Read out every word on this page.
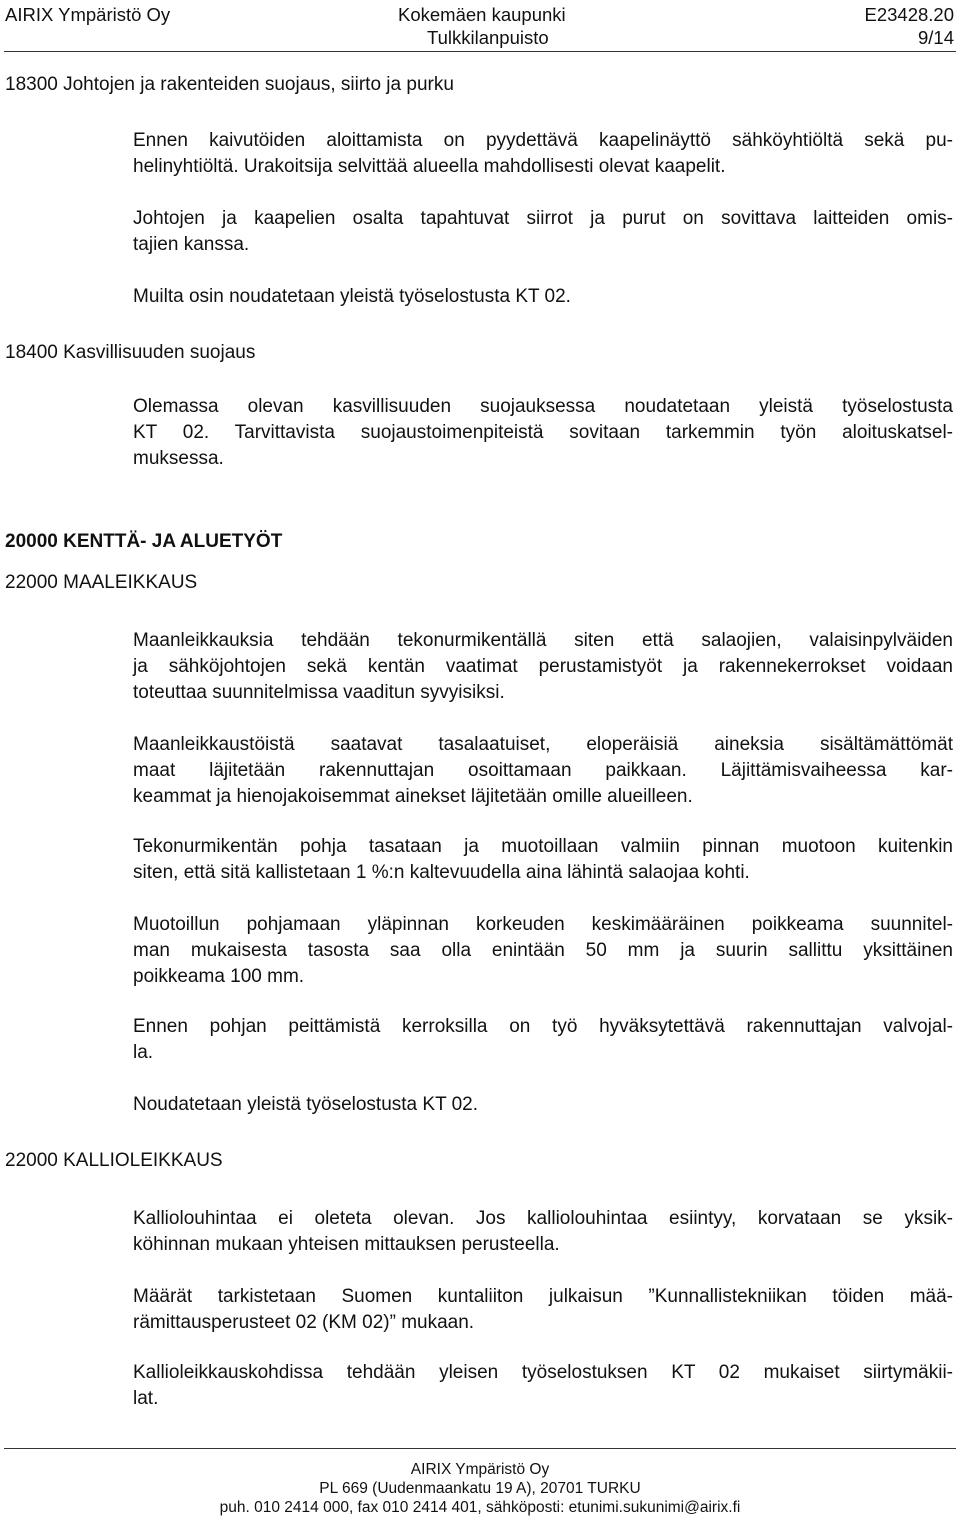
AIRIX Ympäristö Oy	Kokemäen kaupunki
Tulkkilanpuisto
E23428.20
9/14
18300 Johtojen ja rakenteiden suojaus, siirto ja purku
Ennen kaivutöiden aloittamista on pyydettävä kaapelinäyttö sähköyhtiöltä sekä pu-
helinyhtiöltä. Urakoitsija selvittää alueella mahdollisesti olevat kaapelit.
Johtojen ja kaapelien osalta tapahtuvat siirrot ja purut on sovittava laitteiden omis-
tajien kanssa.
Muilta osin noudatetaan yleistä työselostusta KT 02.
18400 Kasvillisuuden suojaus
Olemassa olevan kasvillisuuden suojauksessa noudatetaan yleistä työselostusta
KT 02. Tarvittavista suojaustoimenpiteistä sovitaan tarkemmin työn aloituskatsel-
muksessa.
20000 KENTTÄ- JA ALUETYÖT
22000 MAALEIKKAUS
Maanleikkauksia tehdään tekonurmikentällä siten että salaojien, valaisinpylväiden
ja sähköjohtojen sekä kentän vaatimat perustamistyöt ja rakennekerrokset voidaan
toteuttaa suunnitelmissa vaaditun syvyisiksi.
Maanleikkaustöistä saatavat tasalaatuiset, eloperäisiä aineksia sisältämättömät
maat läjitetään rakennuttajan osoittamaan paikkaan. Läjittämisvaiheessa kar-
keammat ja hienojakoisemmat ainekset läjitetään omille alueilleen.
Tekonurmikentän pohja tasataan ja muotoillaan valmiin pinnan muotoon kuitenkin
siten, että sitä kallistetaan 1 %:n kaltevuudella aina lähintä salaojaa kohti.
Muotoillun pohjamaan yläpinnan korkeuden keskimääräinen poikkeama suunnitel-
man mukaisesta tasosta saa olla enintään 50 mm ja suurin sallittu yksittäinen
poikkeama 100 mm.
Ennen pohjan peittämistä kerroksilla on työ hyväksytettävä rakennuttajan valvojal-
la.
Noudatetaan yleistä työselostusta KT 02.
22000 KALLIOLEIKKAUS
Kalliolouhintaa ei oleteta olevan. Jos kalliolouhintaa esiintyy, korvataan se yksik-
köhinnan mukaan yhteisen mittauksen perusteella.
Määrät tarkistetaan Suomen kuntaliiton julkaisun ”Kunnallistekniikan töiden mää-
rämittausperusteet 02 (KM 02)” mukaan.
Kallioleikkauskohdissa tehdään yleisen työselostuksen KT 02 mukaiset siirtymäkii-
lat.
AIRIX Ympäristö Oy
PL 669 (Uudenmaankatu 19 A), 20701 TURKU
puh. 010 2414 000, fax 010 2414 401, sähköposti: etunimi.sukunimi@airix.fi
